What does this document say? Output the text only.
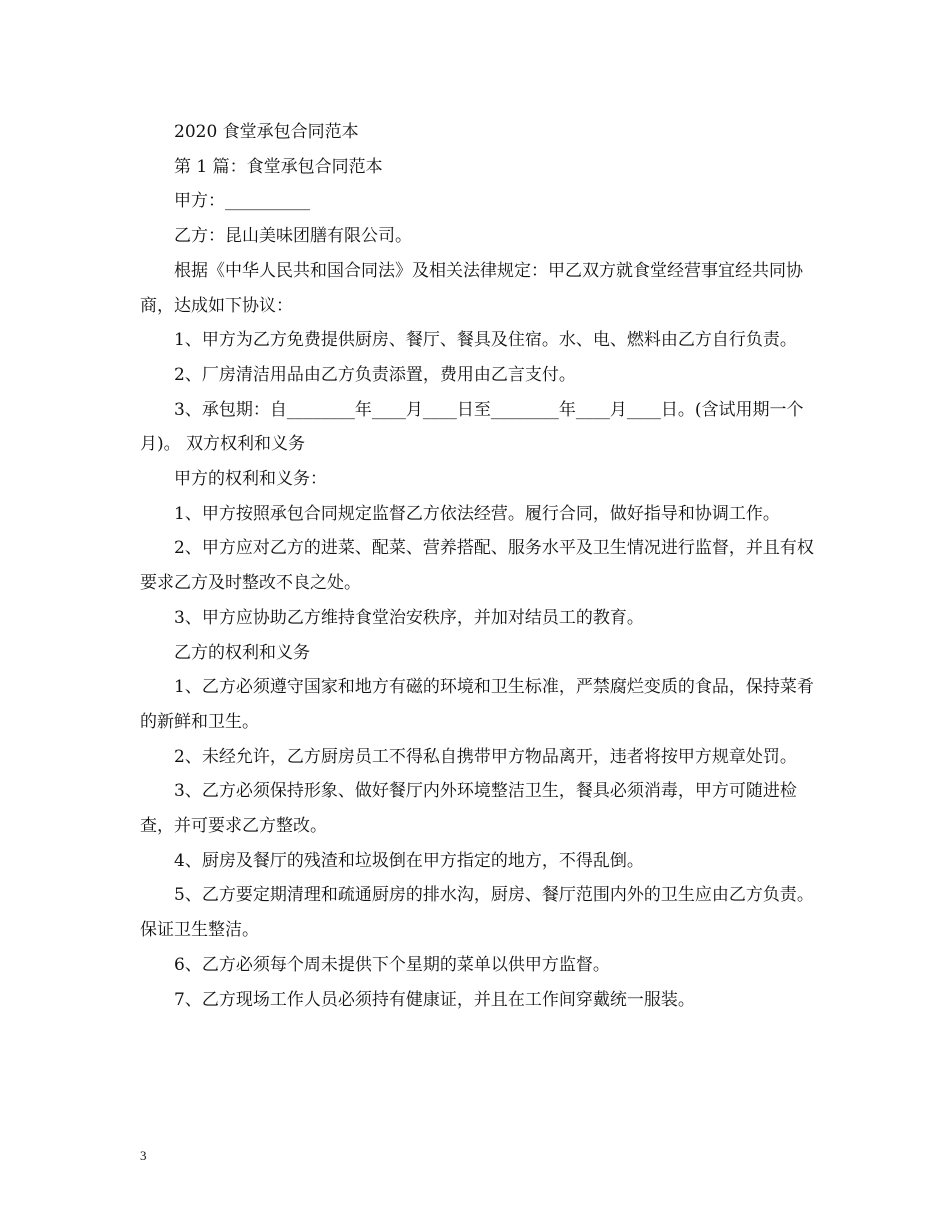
2020 食堂承包合同范本

第 1 篇：食堂承包合同范本

甲方：__________

乙方：昆山美味团膳有限公司。

根据《中华人民共和国合同法》及相关法律规定：甲乙双方就食堂经营事宜经共同协商，达成如下协议：

1、甲方为乙方免费提供厨房、餐厅、餐具及住宿。水、电、燃料由乙方自行负责。

2、厂房清洁用品由乙方负责添置，费用由乙言支付。

3、承包期：自________年____月____日至________年____月____日。(含试用期一个月)。 双方权利和义务

甲方的权利和义务：

1、甲方按照承包合同规定监督乙方依法经营。履行合同，做好指导和协调工作。

2、甲方应对乙方的进菜、配菜、营养搭配、服务水平及卫生情况进行监督，并且有权要求乙方及时整改不良之处。

3、甲方应协助乙方维持食堂治安秩序，并加对结员工的教育。

乙方的权利和义务

1、乙方必须遵守国家和地方有磁的环境和卫生标准，严禁腐烂变质的食品，保持菜肴的新鲜和卫生。

2、未经允许，乙方厨房员工不得私自携带甲方物品离开，违者将按甲方规章处罚。

3、乙方必须保持形象、做好餐厅内外环境整洁卫生，餐具必须消毒，甲方可随进检查，并可要求乙方整改。

4、厨房及餐厅的残渣和垃圾倒在甲方指定的地方，不得乱倒。

5、乙方要定期清理和疏通厨房的排水沟，厨房、餐厅范围内外的卫生应由乙方负责。保证卫生整洁。

6、乙方必须每个周未提供下个星期的菜单以供甲方监督。

7、乙方现场工作人员必须持有健康证，并且在工作间穿戴统一服装。

3
